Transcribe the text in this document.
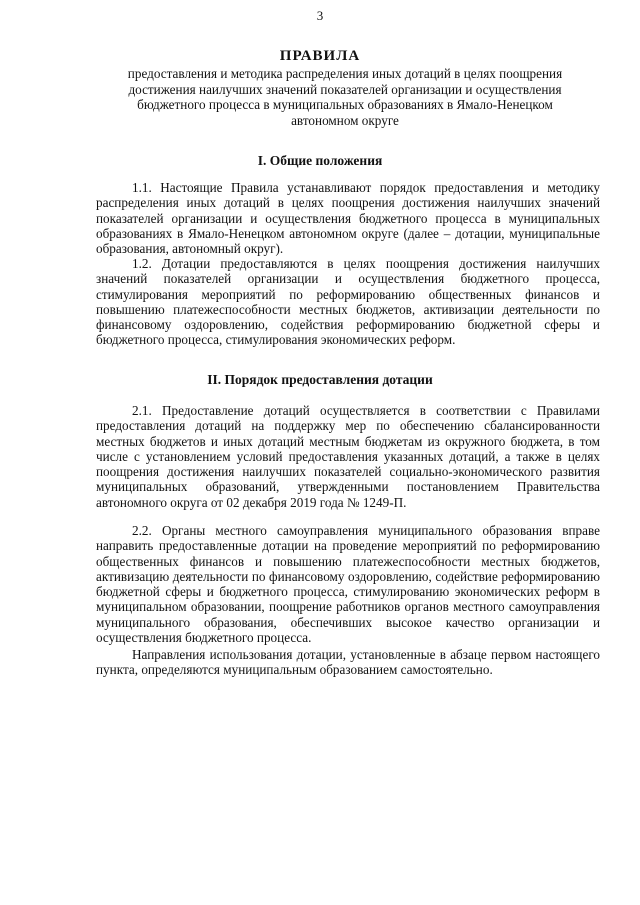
3
ПРАВИЛА
предоставления и методика распределения иных дотаций в целях поощрения достижения наилучших значений показателей организации и осуществления бюджетного процесса в муниципальных образованиях в Ямало-Ненецком автономном округе
I. Общие положения

1.1. Настоящие Правила устанавливают порядок предоставления и методику распределения иных дотаций в целях поощрения достижения наилучших значений показателей организации и осуществления бюджетного процесса в муниципальных образованиях в Ямало-Ненецком автономном округе (далее – дотации, муниципальные образования, автономный округ).

1.2. Дотации предоставляются в целях поощрения достижения наилучших значений показателей организации и осуществления бюджетного процесса, стимулирования мероприятий по реформированию общественных финансов и повышению платежеспособности местных бюджетов, активизации деятельности по финансовому оздоровлению, содействия реформированию бюджетной сферы и бюджетного процесса, стимулирования экономических реформ.

II. Порядок предоставления дотации

2.1. Предоставление дотаций осуществляется в соответствии с Правилами предоставления дотаций на поддержку мер по обеспечению сбалансированности местных бюджетов и иных дотаций местным бюджетам из окружного бюджета, в том числе с установлением условий предоставления указанных дотаций, а также в целях поощрения достижения наилучших показателей социально-экономического развития муниципальных образований, утвержденными постановлением Правительства автономного округа от 02 декабря 2019 года № 1249-П.

2.2. Органы местного самоуправления муниципального образования вправе направить предоставленные дотации на проведение мероприятий по реформированию общественных финансов и повышению платежеспособности местных бюджетов, активизацию деятельности по финансовому оздоровлению, содействие реформированию бюджетной сферы и бюджетного процесса, стимулированию экономических реформ в муниципальном образовании, поощрение работников органов местного самоуправления муниципального образования, обеспечивших высокое качество организации и осуществления бюджетного процесса.

Направления использования дотации, установленные в абзаце первом настоящего пункта, определяются муниципальным образованием самостоятельно.
